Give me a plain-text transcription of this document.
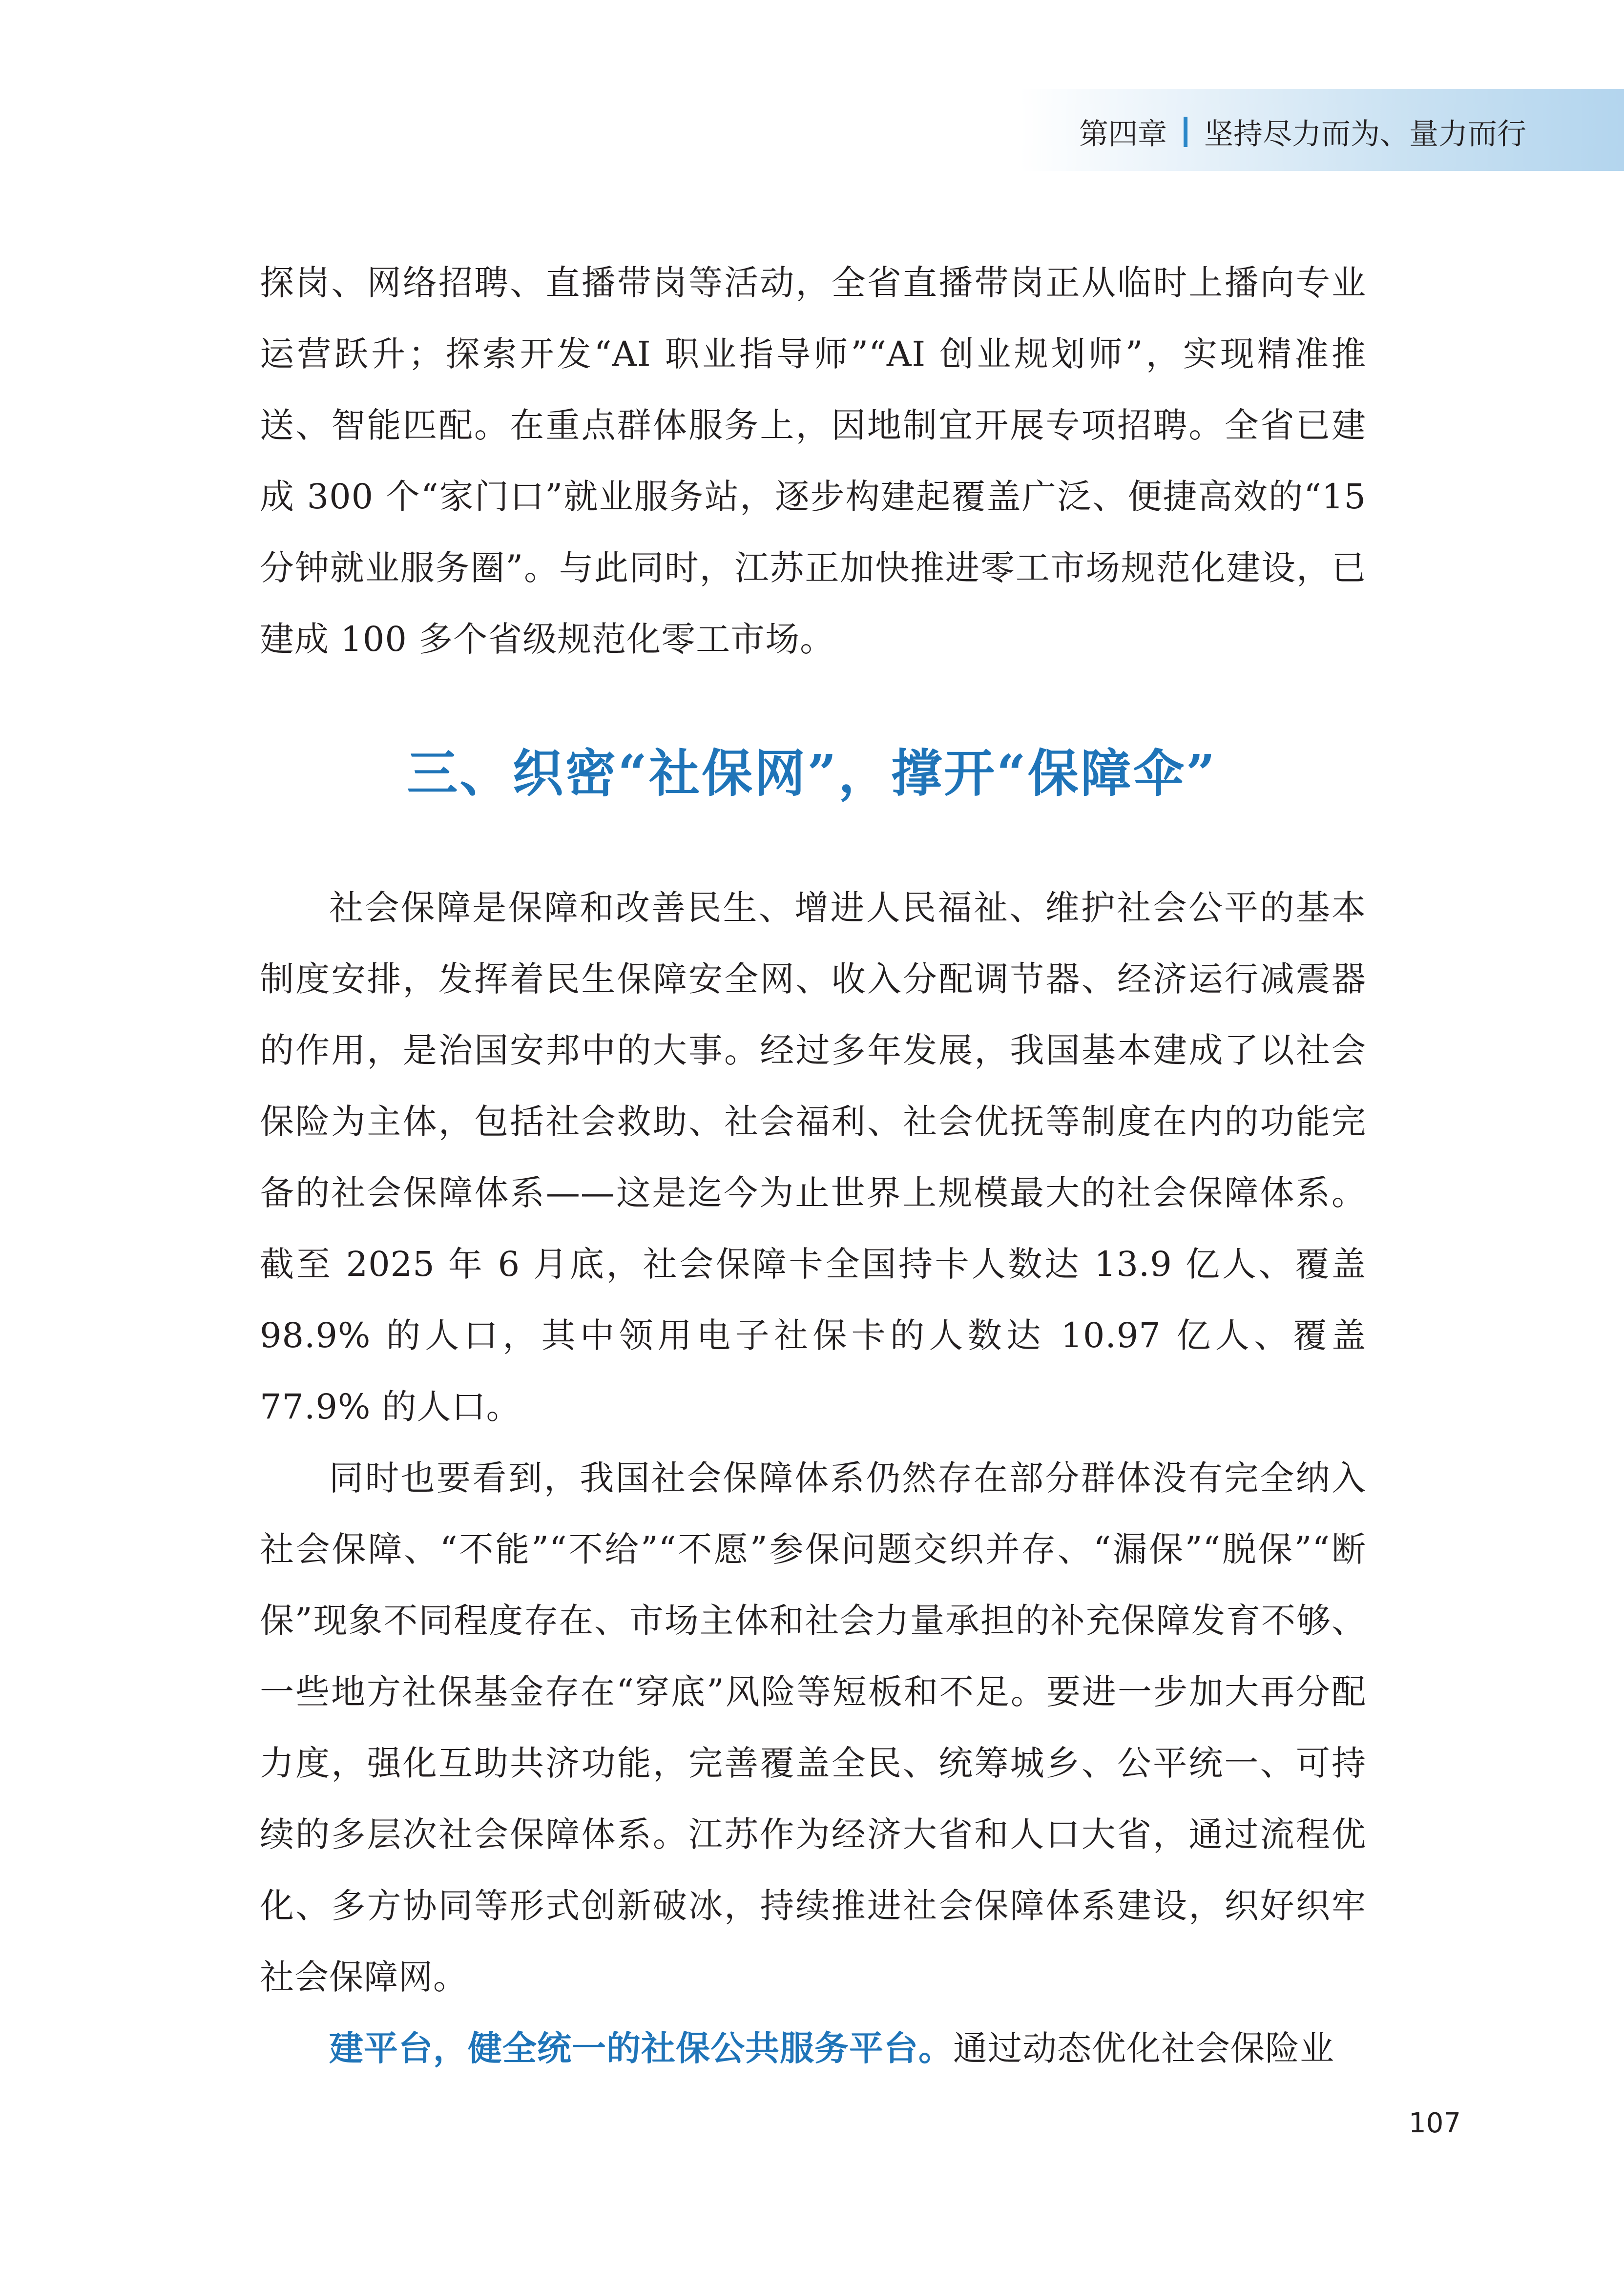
第四章 坚持尽力而为、量力而行

探岗、网络招聘、直播带岗等活动，全省直播带岗正从临时上播向专业运营跃升；探索开发“AI 职业指导师”“AI 创业规划师”，实现精准推送、智能匹配。在重点群体服务上，因地制宜开展专项招聘。全省已建成 300 个“家门口”就业服务站，逐步构建起覆盖广泛、便捷高效的“15 分钟就业服务圈”。与此同时，江苏正加快推进零工市场规范化建设，已建成 100 多个省级规范化零工市场。

三、织密“社保网”，撑开“保障伞”

社会保障是保障和改善民生、增进人民福祉、维护社会公平的基本制度安排，发挥着民生保障安全网、收入分配调节器、经济运行减震器的作用，是治国安邦中的大事。经过多年发展，我国基本建成了以社会保险为主体，包括社会救助、社会福利、社会优抚等制度在内的功能完备的社会保障体系——这是迄今为止世界上规模最大的社会保障体系。截至 2025 年 6 月底，社会保障卡全国持卡人数达 13.9 亿人、覆盖 98.9% 的人口，其中领用电子社保卡的人数达 10.97 亿人、覆盖 77.9% 的人口。

同时也要看到，我国社会保障体系仍然存在部分群体没有完全纳入社会保障、“不能”“不给”“不愿”参保问题交织并存、“漏保”“脱保”“断保”现象不同程度存在、市场主体和社会力量承担的补充保障发育不够、一些地方社保基金存在“穿底”风险等短板和不足。要进一步加大再分配力度，强化互助共济功能，完善覆盖全民、统筹城乡、公平统一、可持续的多层次社会保障体系。江苏作为经济大省和人口大省，通过流程优化、多方协同等形式创新破冰，持续推进社会保障体系建设，织好织牢社会保障网。

建平台，健全统一的社保公共服务平台。通过动态优化社会保险业

107
